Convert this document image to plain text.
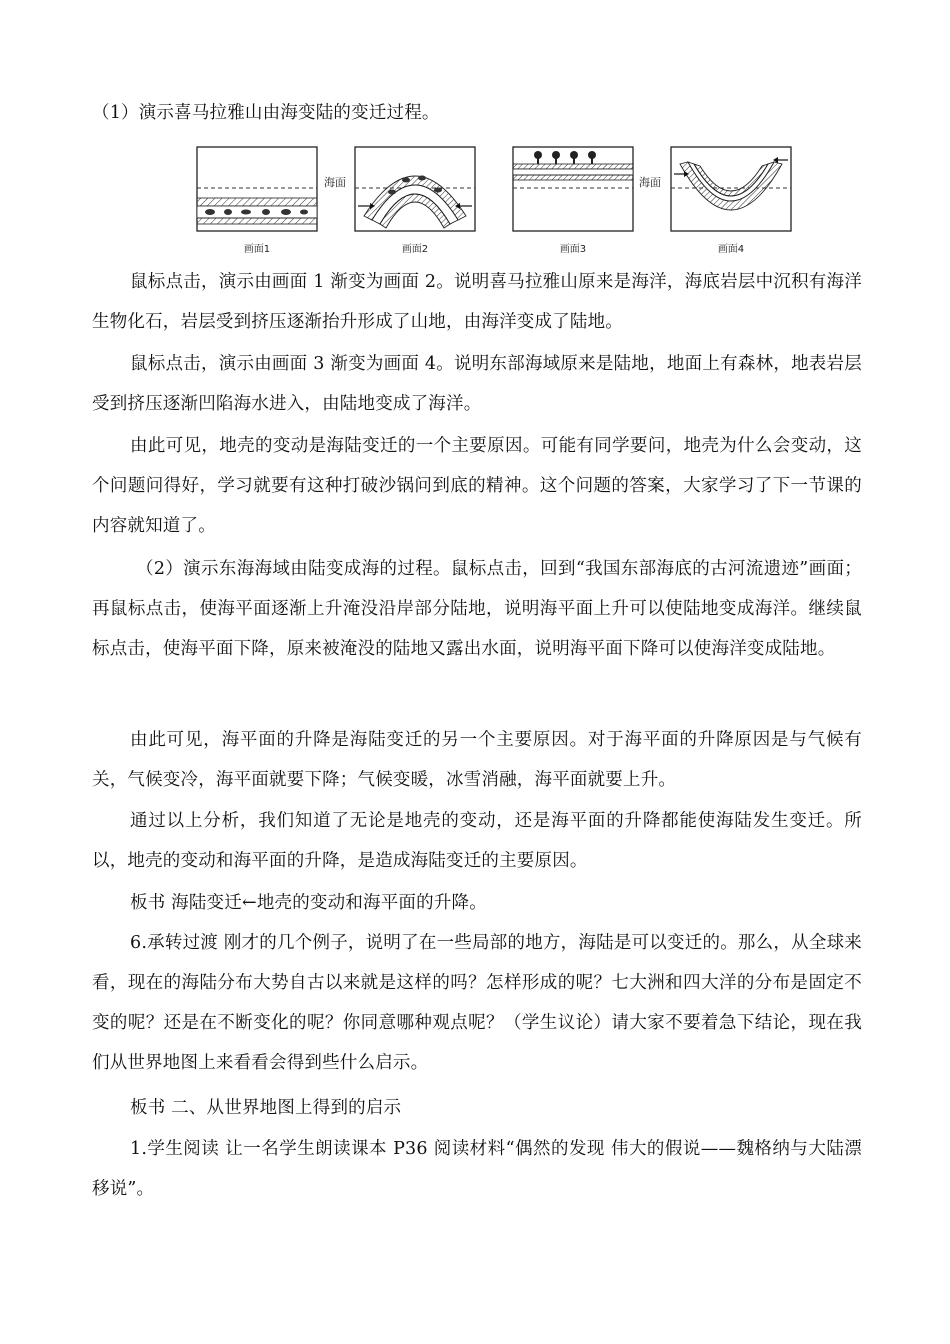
（1）演示喜马拉雅山由海变陆的变迁过程。

海面	海面
画面1	画面2	画面3	画面4

鼠标点击，演示由画面 1 渐变为画面 2。说明喜马拉雅山原来是海洋，海底岩层中沉积有海洋生物化石，岩层受到挤压逐渐抬升形成了山地，由海洋变成了陆地。

鼠标点击，演示由画面 3 渐变为画面 4。说明东部海域原来是陆地，地面上有森林，地表岩层受到挤压逐渐凹陷海水进入，由陆地变成了海洋。

由此可见，地壳的变动是海陆变迁的一个主要原因。可能有同学要问，地壳为什么会变动，这个问题问得好，学习就要有这种打破沙锅问到底的精神。这个问题的答案，大家学习了下一节课的内容就知道了。

（2）演示东海海域由陆变成海的过程。鼠标点击，回到“我国东部海底的古河流遗迹”画面；再鼠标点击，使海平面逐渐上升淹没沿岸部分陆地，说明海平面上升可以使陆地变成海洋。继续鼠标点击，使海平面下降，原来被淹没的陆地又露出水面，说明海平面下降可以使海洋变成陆地。

由此可见，海平面的升降是海陆变迁的另一个主要原因。对于海平面的升降原因是与气候有关，气候变冷，海平面就要下降；气候变暖，冰雪消融，海平面就要上升。

通过以上分析，我们知道了无论是地壳的变动，还是海平面的升降都能使海陆发生变迁。所以，地壳的变动和海平面的升降，是造成海陆变迁的主要原因。

板书 海陆变迁←地壳的变动和海平面的升降。

6.承转过渡 刚才的几个例子，说明了在一些局部的地方，海陆是可以变迁的。那么，从全球来看，现在的海陆分布大势自古以来就是这样的吗？怎样形成的呢？七大洲和四大洋的分布是固定不变的呢？还是在不断变化的呢？你同意哪种观点呢？（学生议论）请大家不要着急下结论，现在我们从世界地图上来看看会得到些什么启示。

板书 二、从世界地图上得到的启示

1.学生阅读 让一名学生朗读课本 P36 阅读材料“偶然的发现 伟大的假说——魏格纳与大陆漂移说”。
